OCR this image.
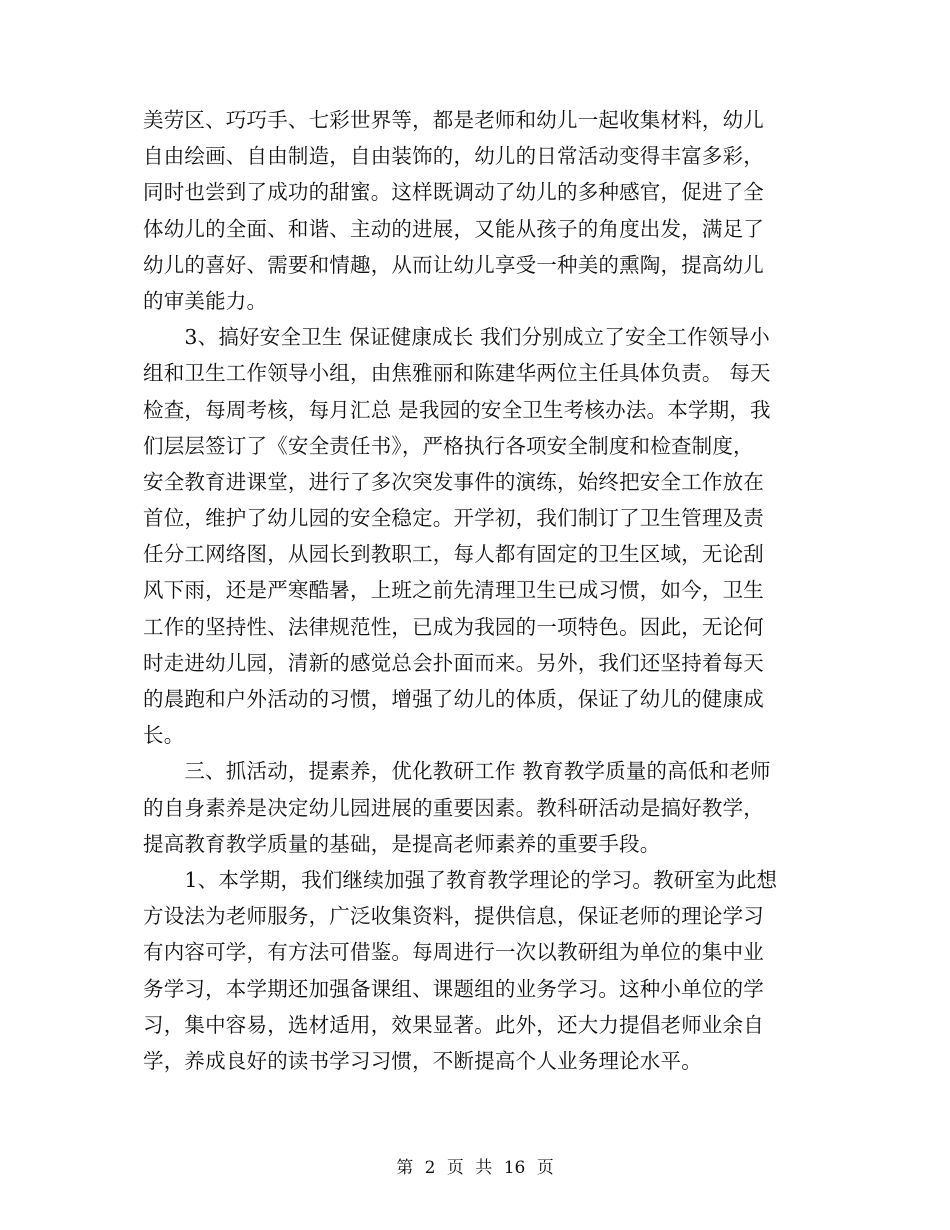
美劳区、巧巧手、七彩世界等，都是老师和幼儿一起收集材料，幼儿
自由绘画、自由制造，自由装饰的，幼儿的日常活动变得丰富多彩，
同时也尝到了成功的甜蜜。这样既调动了幼儿的多种感官，促进了全
体幼儿的全面、和谐、主动的进展，又能从孩子的角度出发，满足了
幼儿的喜好、需要和情趣，从而让幼儿享受一种美的熏陶，提高幼儿
的审美能力。
　　3、搞好安全卫生 保证健康成长 我们分别成立了安全工作领导小
组和卫生工作领导小组，由焦雅丽和陈建华两位主任具体负责。 每天
检查，每周考核，每月汇总 是我园的安全卫生考核办法。本学期，我
们层层签订了《安全责任书》，严格执行各项安全制度和检查制度，
安全教育进课堂，进行了多次突发事件的演练，始终把安全工作放在
首位，维护了幼儿园的安全稳定。开学初，我们制订了卫生管理及责
任分工网络图，从园长到教职工，每人都有固定的卫生区域，无论刮
风下雨，还是严寒酷暑，上班之前先清理卫生已成习惯，如今，卫生
工作的坚持性、法律规范性，已成为我园的一项特色。因此，无论何
时走进幼儿园，清新的感觉总会扑面而来。另外，我们还坚持着每天
的晨跑和户外活动的习惯，增强了幼儿的体质，保证了幼儿的健康成
长。
　　三、抓活动，提素养，优化教研工作 教育教学质量的高低和老师
的自身素养是决定幼儿园进展的重要因素。教科研活动是搞好教学，
提高教育教学质量的基础，是提高老师素养的重要手段。
　　1、本学期，我们继续加强了教育教学理论的学习。教研室为此想
方设法为老师服务，广泛收集资料，提供信息，保证老师的理论学习
有内容可学，有方法可借鉴。每周进行一次以教研组为单位的集中业
务学习，本学期还加强备课组、课题组的业务学习。这种小单位的学
习，集中容易，选材适用，效果显著。此外，还大力提倡老师业余自
学，养成良好的读书学习习惯，不断提高个人业务理论水平。
第 2 页 共 16 页
